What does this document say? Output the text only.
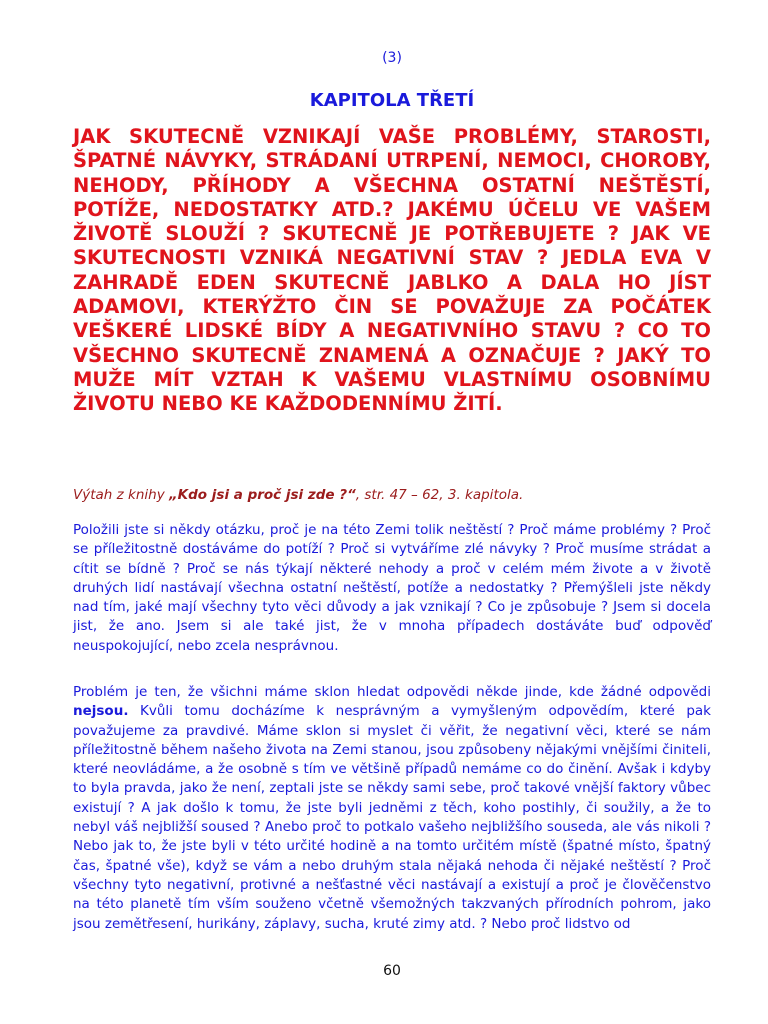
(3)
KAPITOLA TŘETÍ

JAK SKUTECNĚ VZNIKAJÍ VAŠE PROBLÉMY, STAROSTI, ŠPATNÉ NÁVYKY, STRÁDANÍ UTRPENÍ, NEMOCI, CHOROBY, NEHODY, PŘÍHODY A VŠECHNA OSTATNÍ NEŠTĚSTÍ, POTÍŽE, NEDOSTATKY ATD.? JAKÉMU ÚČELU VE VAŠEM ŽIVOTĚ SLOUŽÍ ? SKUTECNĚ JE POTŘEBUJETE ? JAK VE SKUTECNOSTI VZNIKÁ NEGATIVNÍ STAV ? JEDLA EVA V ZAHRADĚ EDEN SKUTECNĚ JABLKO A DALA HO JÍST ADAMOVI, KTERÝŽTO ČIN SE POVAŽUJE ZA POČÁTEK VEŠKERÉ LIDSKÉ BÍDY A NEGATIVNÍHO STAVU ? CO TO VŠECHNO SKUTECNĚ ZNAMENÁ A OZNAČUJE ? JAKÝ TO MUŽE MÍT VZTAH K VAŠEMU VLASTNÍMU OSOBNÍMU ŽIVOTU NEBO KE KAŽDODENNÍMU ŽITÍ.

Výtah z knihy „Kdo jsi a proč jsi zde ?“, str. 47 – 62, 3. kapitola.

Položili jste si někdy otázku, proč je na této Zemi tolik neštěstí ? Proč máme problémy ? Proč se příležitostně dostáváme do potíží ? Proč si vytváříme zlé návyky ? Proč musíme strádat a cítit se bídně ? Proč se nás týkají některé nehody a proč v celém mém živote a v životě druhých lidí nastávají všechna ostatní neštěstí, potíže a nedostatky ? Přemýšleli jste někdy nad tím, jaké mají všechny tyto věci důvody a jak vznikají ? Co je způsobuje ? Jsem si docela jist, že ano. Jsem si ale také jist, že v mnoha případech dostáváte buď odpověď neuspokojující, nebo zcela nesprávnou.

Problém je ten, že všichni máme sklon hledat odpovědi někde jinde, kde žádné odpovědi nejsou. Kvůli tomu docházíme k nesprávným a vymyšleným odpovědím, které pak považujeme za pravdivé. Máme sklon si myslet či věřit, že negativní věci, které se nám příležitostně během našeho života na Zemi stanou, jsou způsobeny nějakými vnějšími činiteli, které neovládáme, a že osobně s tím ve většině případů nemáme co do činění. Avšak i kdyby to byla pravda, jako že není, zeptali jste se někdy sami sebe, proč takové vnější faktory vůbec existují ? A jak došlo k tomu, že jste byli jedněmi z těch, koho postihly, či soužily, a že to nebyl váš nejbližší soused ? Anebo proč to potkalo vašeho nejbližšího souseda, ale vás nikoli ? Nebo jak to, že jste byli v této určité hodině a na tomto určitém místě (špatné místo, špatný čas, špatné vše), když se vám a nebo druhým stala nějaká nehoda či nějaké neštěstí ? Proč všechny tyto negativní, protivné a nešťastné věci nastávají a existují a proč je člověčenstvo na této planetě tím vším souženo včetně všemožných takzvaných přírodních pohrom, jako jsou zemětřesení, hurikány, záplavy, sucha, kruté zimy atd. ? Nebo proč lidstvo od

60
